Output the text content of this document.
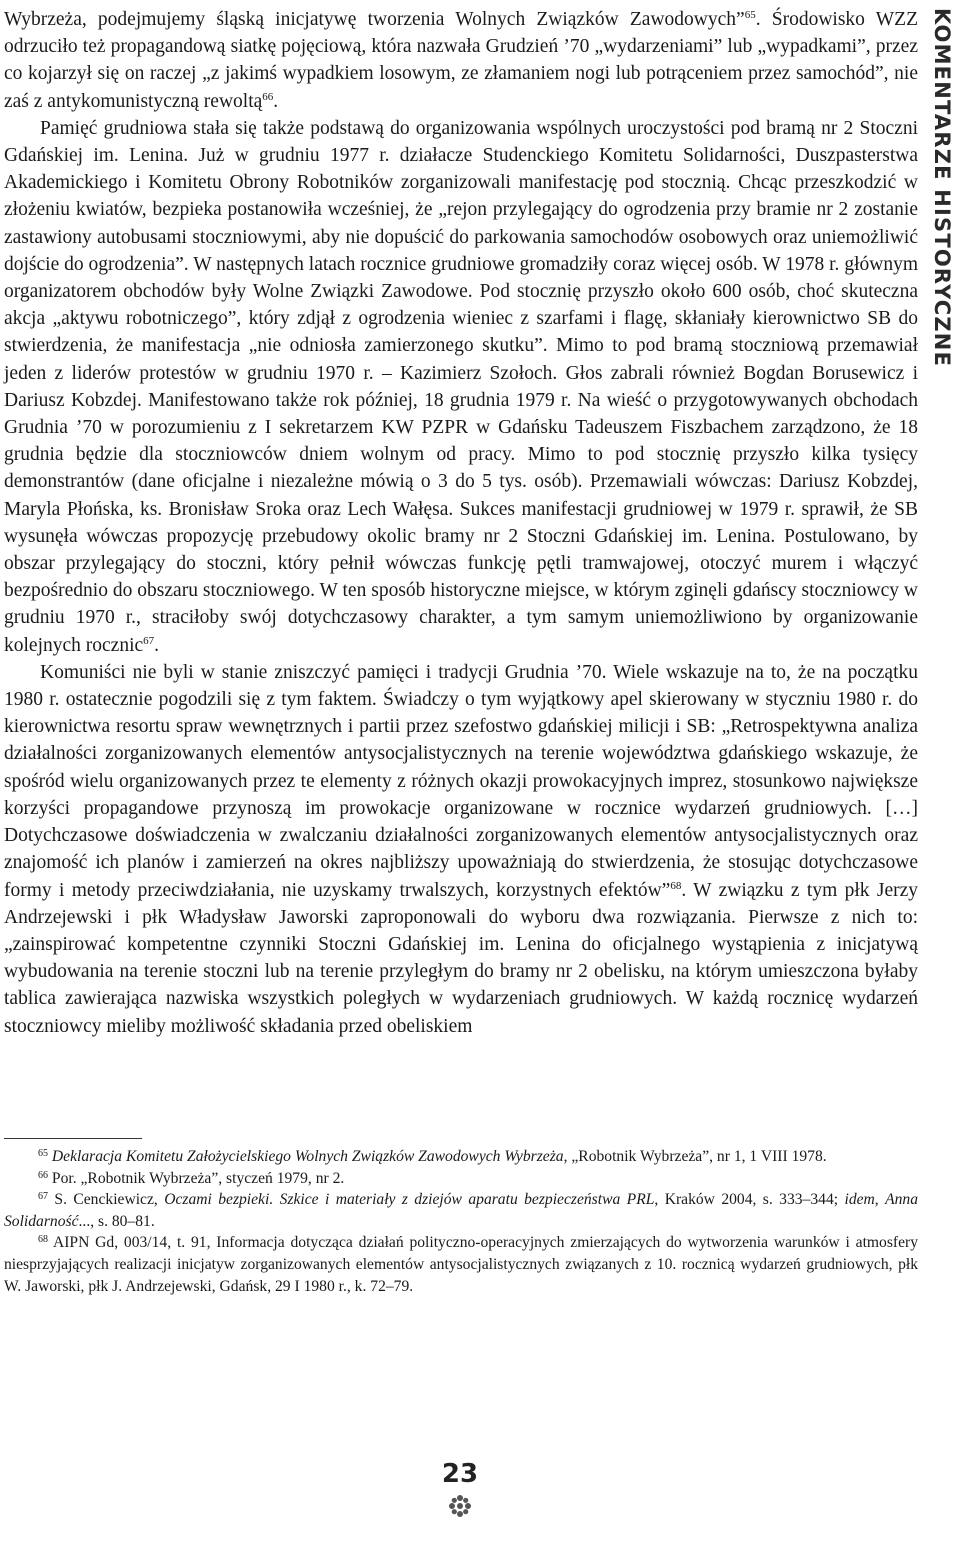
Wybrzeża, podejmujemy śląską inicjatywę tworzenia Wolnych Związków Zawodowych”$^{65}$. Środowisko WZZ odrzuciło też propagandową siatkę pojęciową, która nazwała Grudzień ’70 „wydarzeniami” lub „wypadkami”, przez co kojarzył się on raczej „z jakimś wypadkiem losowym, ze złamaniem nogi lub potrąceniem przez samochód”, nie zaś z antykomunistyczną rewoltą$^{66}$.

Pamięć grudniowa stała się także podstawą do organizowania wspólnych uroczystości pod bramą nr 2 Stoczni Gdańskiej im. Lenina. Już w grudniu 1977 r. działacze Studenckiego Komitetu Solidarności, Duszpasterstwa Akademickiego i Komitetu Obrony Robotników zorganizowali manifestację pod stocznią. Chcąc przeszkodzić w złożeniu kwiatów, bezpieka postanowiła wcześniej, że „rejon przylegający do ogrodzenia przy bramie nr 2 zostanie zastawiony autobusami stoczniowymi, aby nie dopuścić do parkowania samochodów osobowych oraz uniemożliwić dojście do ogrodzenia”. W następnych latach rocznice grudniowe gromadziły coraz więcej osób. W 1978 r. głównym organizatorem obchodów były Wolne Związki Zawodowe. Pod stocznię przyszło około 600 osób, choć skuteczna akcja „aktywu robotniczego”, który zdjął z ogrodzenia wieniec z szarfami i flagę, skłaniały kierownictwo SB do stwierdzenia, że manifestacja „nie odniosła zamierzonego skutku”. Mimo to pod bramą stoczniową przemawiał jeden z liderów protestów w grudniu 1970 r. – Kazimierz Szołoch. Głos zabrali również Bogdan Borusewicz i Dariusz Kobzdej. Manifestowano także rok później, 18 grudnia 1979 r. Na wieść o przygotowywanych obchodach Grudnia ’70 w porozumieniu z I sekretarzem KW PZPR w Gdańsku Tadeuszem Fiszbachem zarządzono, że 18 grudnia będzie dla stoczniowców dniem wolnym od pracy. Mimo to pod stocznię przyszło kilka tysięcy demonstrantów (dane oficjalne i niezależne mówią o 3 do 5 tys. osób). Przemawiali wówczas: Dariusz Kobzdej, Maryla Płońska, ks. Bronisław Sroka oraz Lech Wałęsa. Sukces manifestacji grudniowej w 1979 r. sprawił, że SB wysunęła wówczas propozycję przebudowy okolic bramy nr 2 Stoczni Gdańskiej im. Lenina. Postulowano, by obszar przylegający do stoczni, który pełnił wówczas funkcję pętli tramwajowej, otoczyć murem i włączyć bezpośrednio do obszaru stoczniowego. W ten sposób historyczne miejsce, w którym zginęli gdańscy stoczniowcy w grudniu 1970 r., straciłoby swój dotychczasowy charakter, a tym samym uniemożliwiono by organizowanie kolejnych rocznic$^{67}$.

Komuniści nie byli w stanie zniszczyć pamięci i tradycji Grudnia ’70. Wiele wskazuje na to, że na początku 1980 r. ostatecznie pogodzili się z tym faktem. Świadczy o tym wyjątkowy apel skierowany w styczniu 1980 r. do kierownictwa resortu spraw wewnętrznych i partii przez szefostwo gdańskiej milicji i SB: „Retrospektywna analiza działalności zorganizowanych elementów antysocjalistycznych na terenie województwa gdańskiego wskazuje, że spośród wielu organizowanych przez te elementy z różnych okazji prowokacyjnych imprez, stosunkowo największe korzyści propagandowe przynoszą im prowokacje organizowane w rocznice wydarzeń grudniowych. […] Dotychczasowe doświadczenia w zwalczaniu działalności zorganizowanych elementów antysocjalistycznych oraz znajomość ich planów i zamierzeń na okres najbliższy upoważniają do stwierdzenia, że stosując dotychczasowe formy i metody przeciwdziałania, nie uzyskamy trwalszych, korzystnych efektów”$^{68}$. W związku z tym płk Jerzy Andrzejewski i płk Władysław Jaworski zaproponowali do wyboru dwa rozwiązania. Pierwsze z nich to: „zainspirować kompetentne czynniki Stoczni Gdańskiej im. Lenina do oficjalnego wystąpienia z inicjatywą wybudowania na terenie stoczni lub na terenie przyległym do bramy nr 2 obelisku, na którym umieszczona byłaby tablica zawierająca nazwiska wszystkich poległych w wydarzeniach grudniowych. W każdą rocznicę wydarzeń stoczniowcy mieliby możliwość składania przed obeliskiem

KOMENTARZE HISTORYCZNE

$^{65}$ Deklaracja Komitetu Założycielskiego Wolnych Związków Zawodowych Wybrzeża, „Robotnik Wybrzeża”, nr 1, 1 VIII 1978.

$^{66}$ Por. „Robotnik Wybrzeża”, styczeń 1979, nr 2.

$^{67}$ S. Cenckiewicz, Oczami bezpieki. Szkice i materiały z dziejów aparatu bezpieczeństwa PRL, Kraków 2004, s. 333–344; idem, Anna Solidarność..., s. 80–81.

$^{68}$ AIPN Gd, 003/14, t. 91, Informacja dotycząca działań polityczno-operacyjnych zmierzających do wytworzenia warunków i atmosfery niesprzyjających realizacji inicjatyw zorganizowanych elementów antysocjalistycznych związanych z 10. rocznicą wydarzeń grudniowych, płk W. Jaworski, płk J. Andrzejewski, Gdańsk, 29 I 1980 r., k. 72–79.

23
